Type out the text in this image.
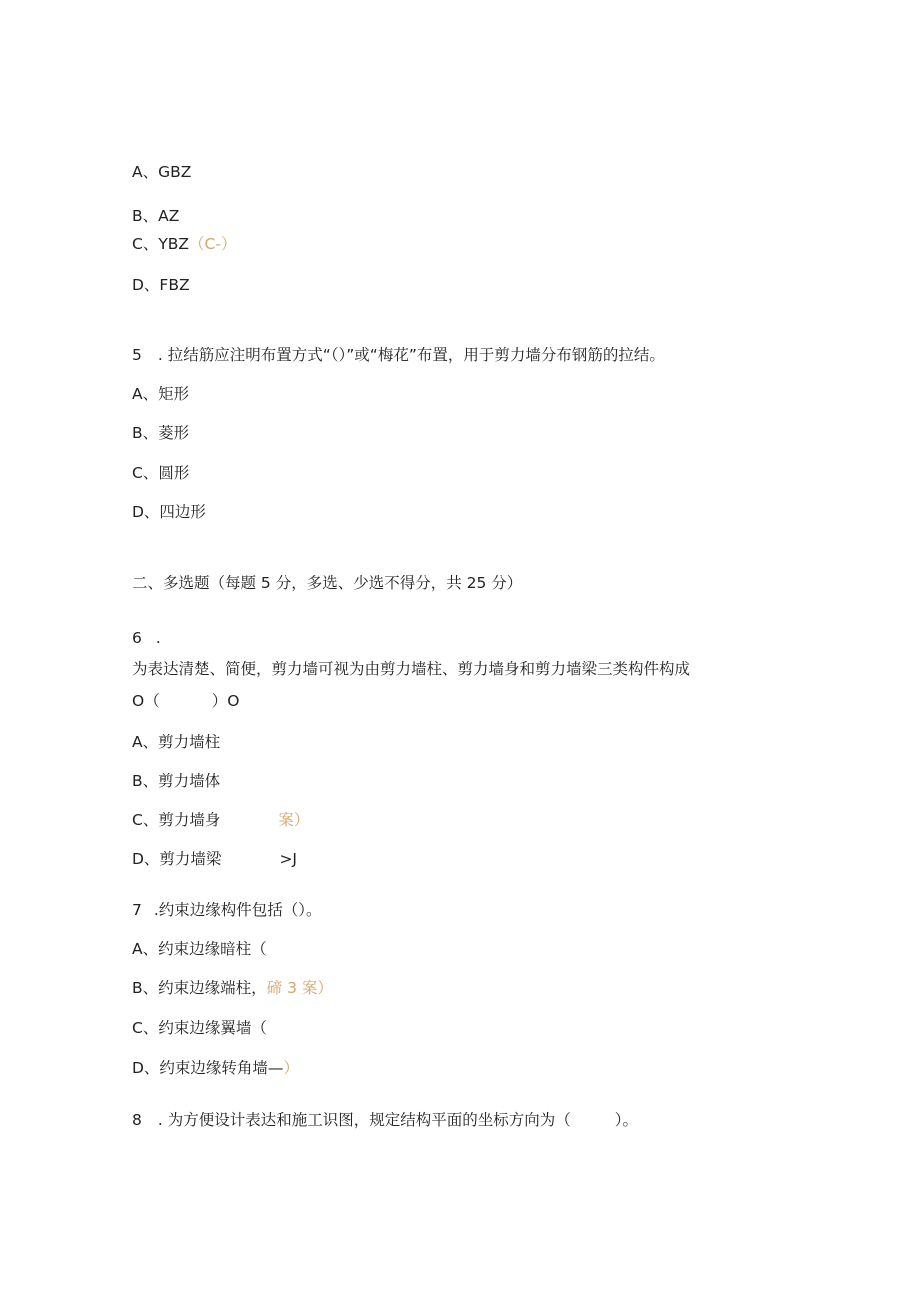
A、GBZ
B、AZ
C、YBZ（C-）
D、FBZ
5 . 拉结筋应注明布置方式“（）”或“梅花”布置，用于剪力墙分布钢筋的拉结。
A、矩形
B、菱形
C、圆形
D、四边形
二、多选题（每题 5 分，多选、少选不得分，共 25 分）
6 .
为表达清楚、简便，剪力墙可视为由剪力墙柱、剪力墙身和剪力墙梁三类构件构成
O（	）O
A、剪力墙柱
B、剪力墙体
C、剪力墙身	案）
D、剪力墙梁	>J
7 .约束边缘构件包括（）。
A、约束边缘暗柱（
B、约束边缘端柱，碲 3 案）
C、约束边缘翼墙（
D、约束边缘转角墙—）
8 . 为方便设计表达和施工识图，规定结构平面的坐标方向为（	）。
